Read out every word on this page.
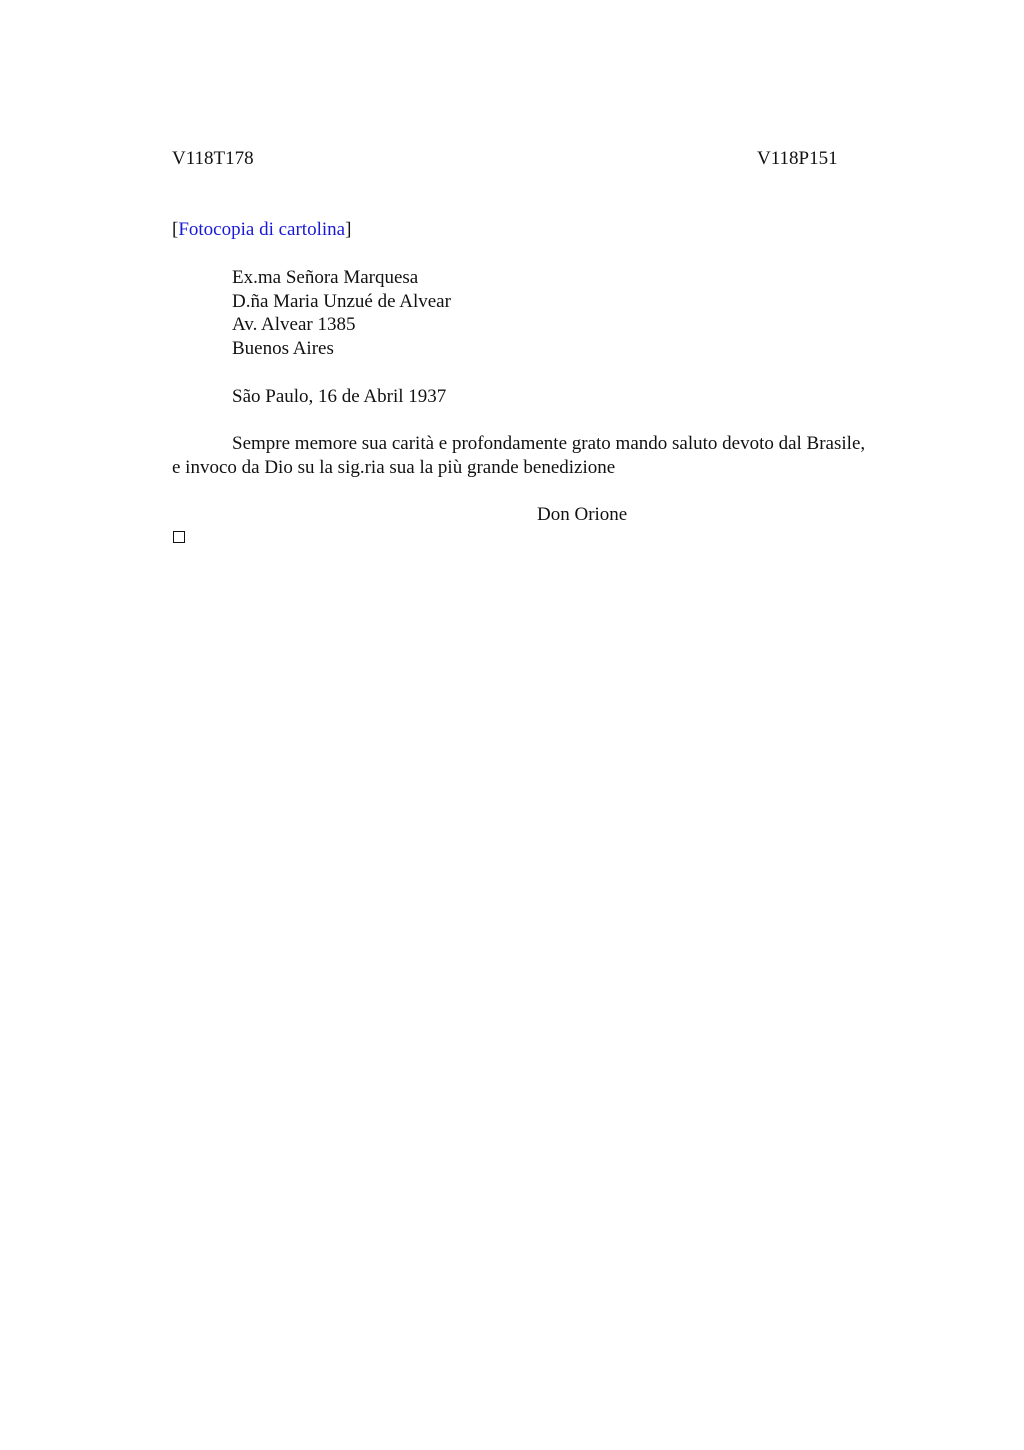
V118T178	V118P151
[Fotocopia di cartolina]
Ex.ma Señora Marquesa
D.ña Maria Unzué de Alvear
Av. Alvear 1385
Buenos Aires
São Paulo, 16 de Abril 1937
Sempre memore sua carità e profondamente grato mando saluto devoto dal Brasile,
e invoco da Dio su la sig.ria sua la più grande benedizione
Don Orione
